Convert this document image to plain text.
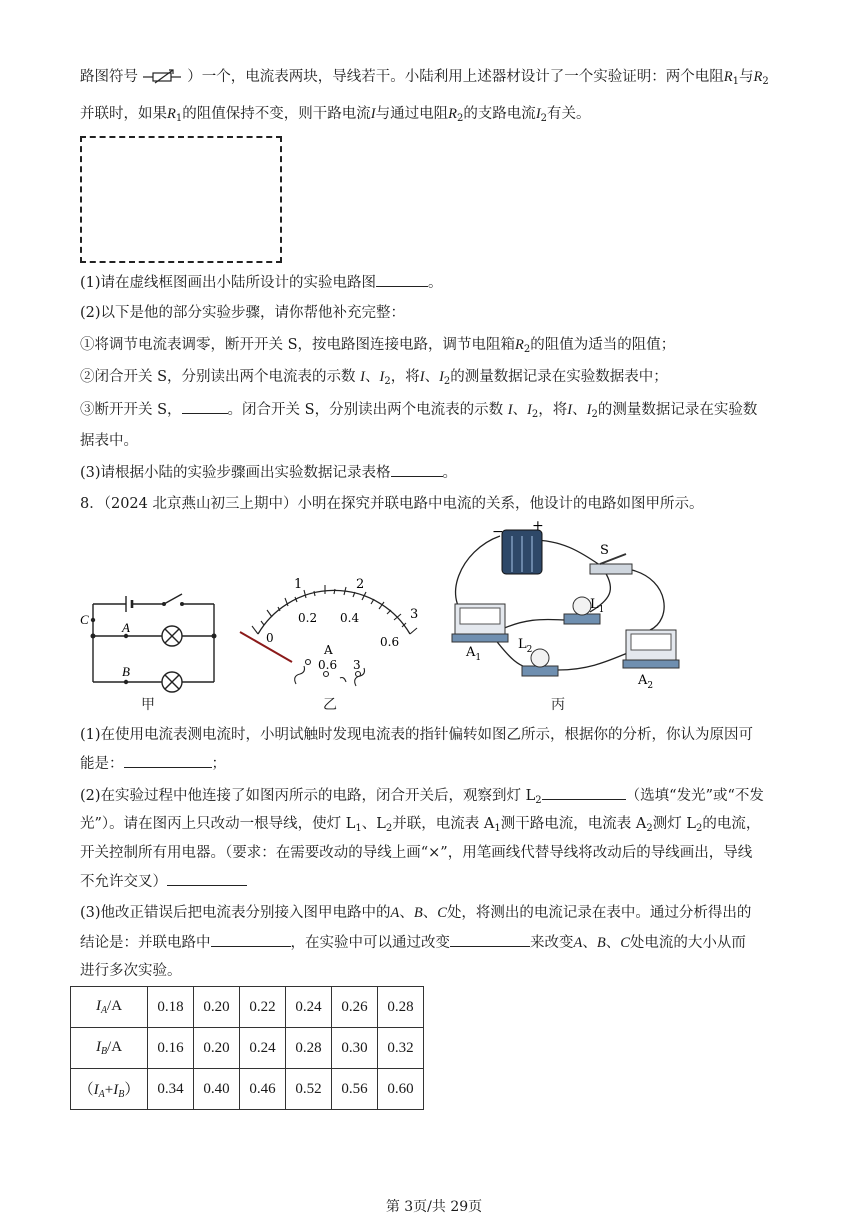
路图符号	）一个，电流表两块，导线若干。小陆利用上述器材设计了一个实验证明：两个电阻$R_1$与$R_2$
并联时，如果$R_1$的阻值保持不变，则干路电流I与通过电阻$R_2$的支路电流$I_2$有关。
(1)请在虚线框图画出小陆所设计的实验电路图	。
(2)以下是他的部分实验步骤，请你帮他补充完整：
①将调节电流表调零，断开开关 S，按电路图连接电路，调节电阻箱$R_2$的阻值为适当的阻值；
②闭合开关 S，分别读出两个电流表的示数 I、$I_2$，将I、$I_2$的测量数据记录在实验数据表中；
③断开开关 S，	。闭合开关 S，分别读出两个电流表的示数 I、$I_2$，将I、$I_2$的测量数据记录在实验数
据表中。
(3)请根据小陆的实验步骤画出实验数据记录表格	。
8．（2024 北京燕山初三上期中）小明在探究并联电路中电流的关系，他设计的电路如图甲所示。
C
A
B
甲
1	2
3
0
0.2 0.4
0.6
A
0.6 3
乙
− +
S
$A_1$
$L_1$
$L_2$
$A_2$
丙
(1)在使用电流表测电流时，小明试触时发现电流表的指针偏转如图乙所示，根据你的分析，你认为原因可
能是：	；
(2)在实验过程中他连接了如图丙所示的电路，闭合开关后，观察到灯 $L_2$	（选填“发光”或“不发
光”）。请在图丙上只改动一根导线，使灯 $L_1$、$L_2$并联，电流表 $A_1$测干路电流，电流表 $A_2$测灯 $L_2$的电流，
开关控制所有用电器。（要求：在需要改动的导线上画“×”，用笔画线代替导线将改动后的导线画出，导线
不允许交叉）
(3)他改正错误后把电流表分别接入图甲电路中的A、B、C处，将测出的电流记录在表中。通过分析得出的
结论是：并联电路中	，在实验中可以通过改变	来改变A、B、C处电流的大小从而
进行多次实验。
$I_A/A$	0.18	0.20	0.22	0.24	0.26	0.28
$I_B/A$	0.16	0.20	0.24	0.28	0.30	0.32
$(I_A+I_B)$	0.34	0.40	0.46	0.52	0.56	0.60
第 3页/共 29页
